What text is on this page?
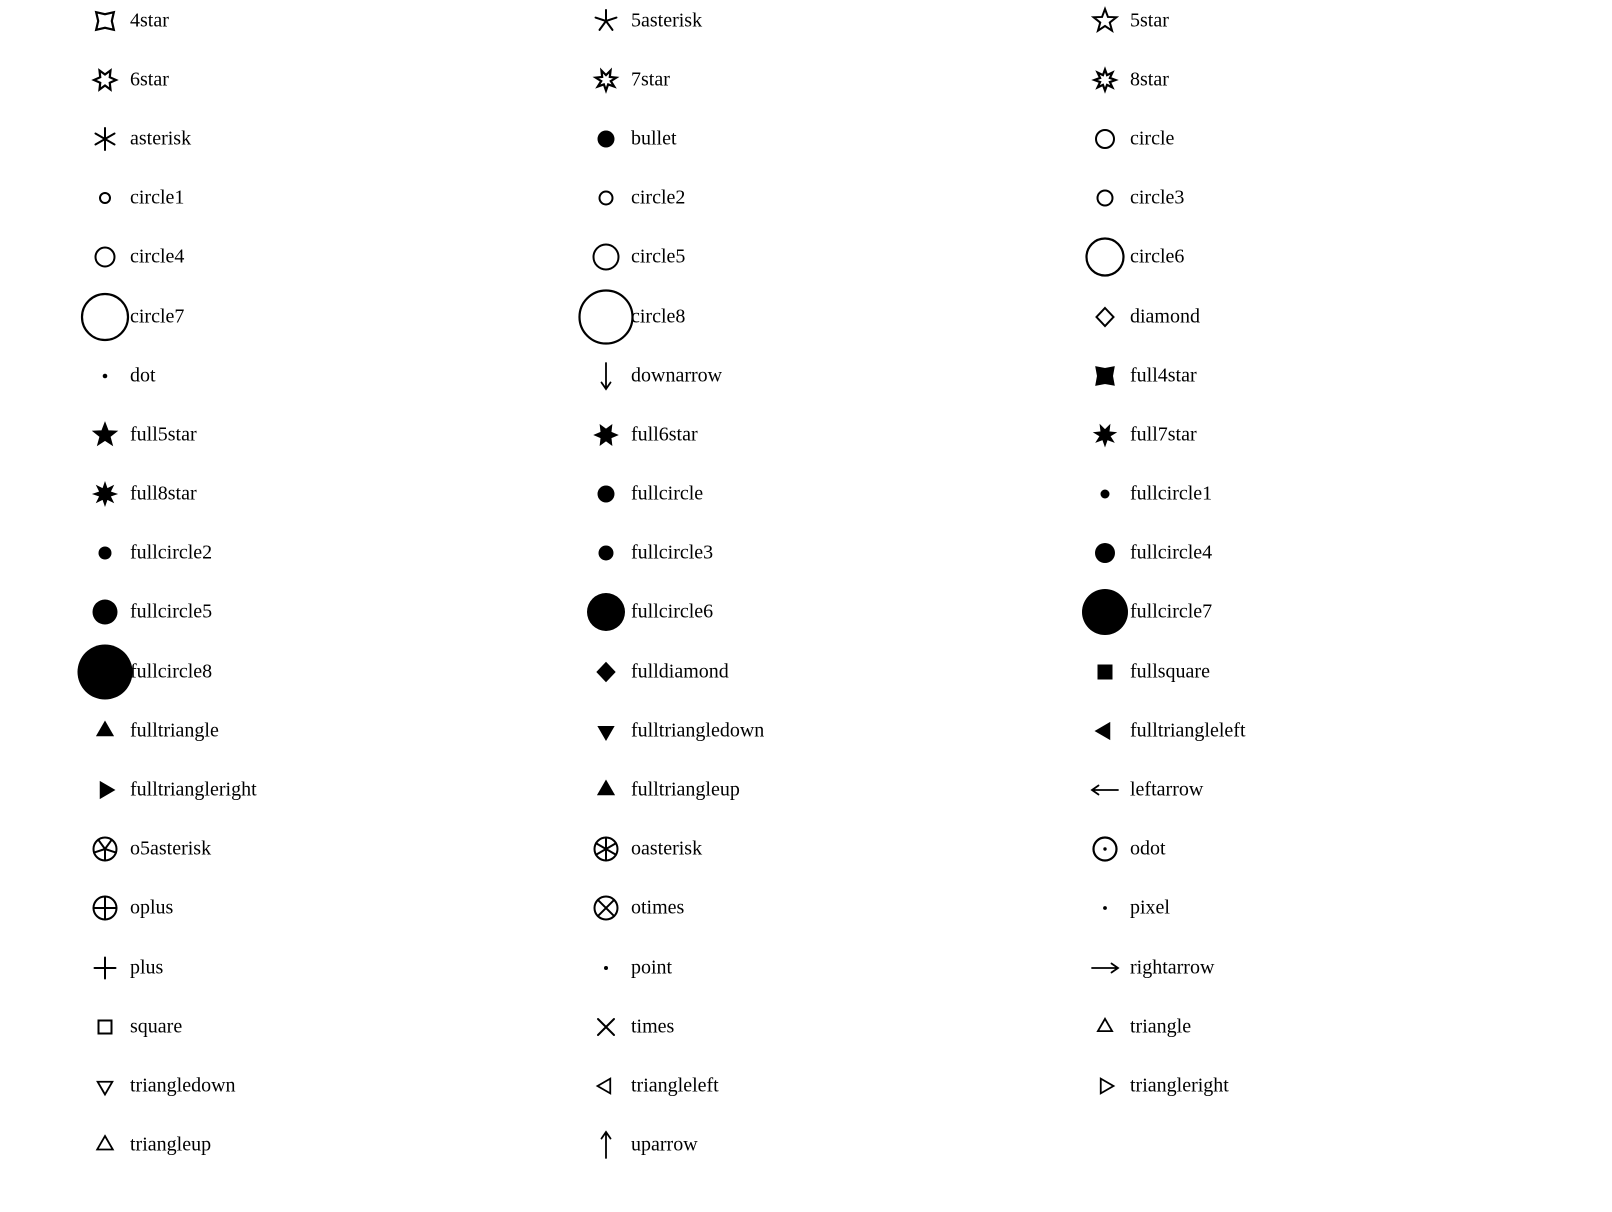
4star	5asterisk	5star
6star	7star	8star
asterisk	bullet	circle
circle1	circle2	circle3
circle4	circle5	circle6
circle7	circle8	diamond
dot	downarrow	full4star
full5star	full6star	full7star
full8star	fullcircle	fullcircle1
fullcircle2	fullcircle3	fullcircle4
fullcircle5	fullcircle6	fullcircle7
fullcircle8	fulldiamond	fullsquare
fulltriangle	fulltriangledown	fulltriangleleft
fulltriangleright	fulltriangleup	leftarrow
o5asterisk	oasterisk	odot
oplus	otimes	pixel
plus	point	rightarrow
square	times	triangle
triangledown	triangleleft	triangleright
triangleup	uparrow
